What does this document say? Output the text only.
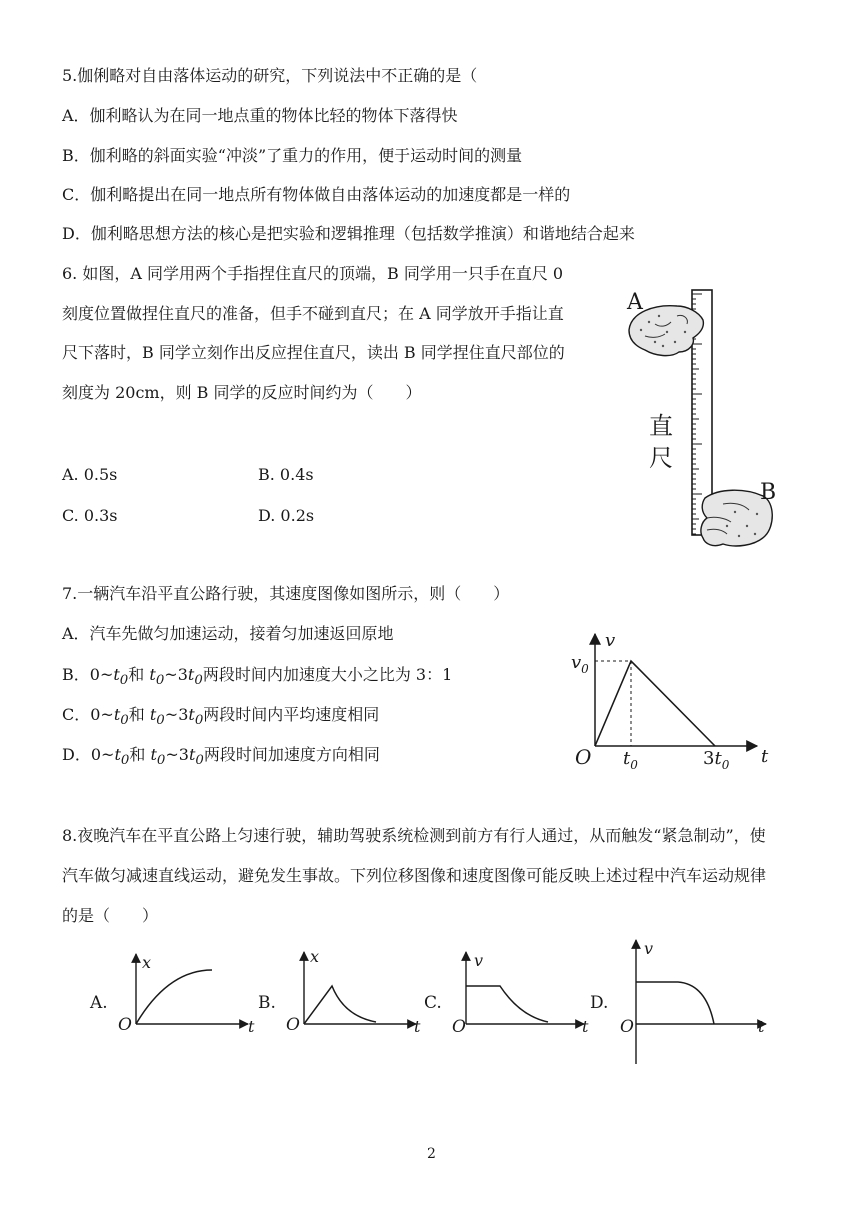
5.伽俐略对自由落体运动的研究，下列说法中不正确的是（
A．伽利略认为在同一地点重的物体比轻的物体下落得快
B．伽利略的斜面实验“冲淡”了重力的作用，便于运动时间的测量
C．伽利略提出在同一地点所有物体做自由落体运动的加速度都是一样的
D．伽利略思想方法的核心是把实验和逻辑推理（包括数学推演）和谐地结合起来
6. 如图，A 同学用两个手指捏住直尺的顶端，B 同学用一只手在直尺 0
刻度位置做捏住直尺的准备，但手不碰到直尺；在 A 同学放开手指让直
尺下落时，B 同学立刻作出反应捏住直尺，读出 B 同学捏住直尺部位的
刻度为 20cm，则 B 同学的反应时间约为（　　）
A. 0.5s	B. 0.4s
C. 0.3s	D. 0.2s
A
直
尺
B
7.一辆汽车沿平直公路行驶，其速度图像如图所示，则（　　）
A．汽车先做匀加速运动，接着匀加速返回原地
B．$0\sim t_0$和 $t_0\sim 3t_0$两段时间内加速度大小之比为 3：1
C．$0\sim t_0$和 $t_0\sim 3t_0$两段时间内平均速度相同
D．$0\sim t_0$和 $t_0\sim 3t_0$两段时间加速度方向相同
v
$v_0$
O $t_0$	$3t_0$ t
8.夜晚汽车在平直公路上匀速行驶，辅助驾驶系统检测到前方有行人通过，从而触发“紧急制动”，使
汽车做匀减速直线运动，避免发生事故。下列位移图像和速度图像可能反映上述过程中汽车运动规律
的是（　　）
A.
x
O	t
B.
x
O	t
C.
v
O	t
D.
v
O	t
2
